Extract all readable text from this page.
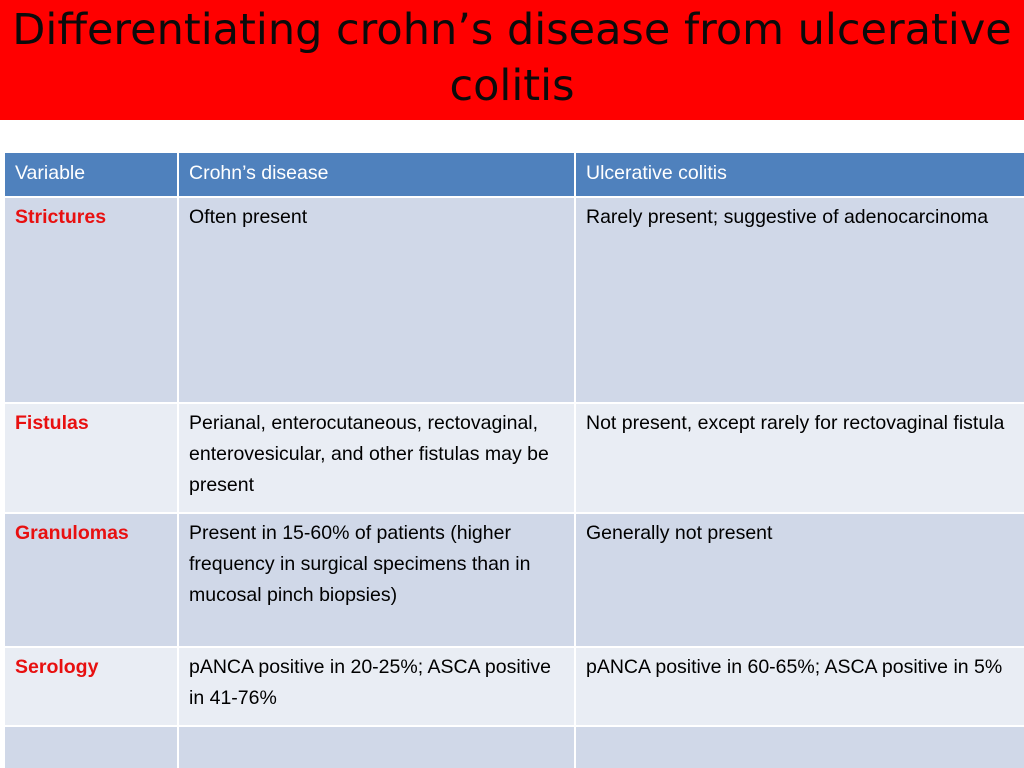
Differentiating crohn’s disease from ulcerative colitis
Variable	Crohn’s disease	Ulcerative colitis
Strictures	Often present	Rarely present; suggestive of adenocarcinoma
Fistulas	Perianal, enterocutaneous, rectovaginal, enterovesicular, and other fistulas may be present	Not present, except rarely for rectovaginal fistula
Granulomas	Present in 15-60% of patients (higher frequency in surgical specimens than in mucosal pinch biopsies)	Generally not present
Serology	pANCA positive in 20-25%; ASCA positive in 41-76%	pANCA positive in 60-65%; ASCA positive in 5%
